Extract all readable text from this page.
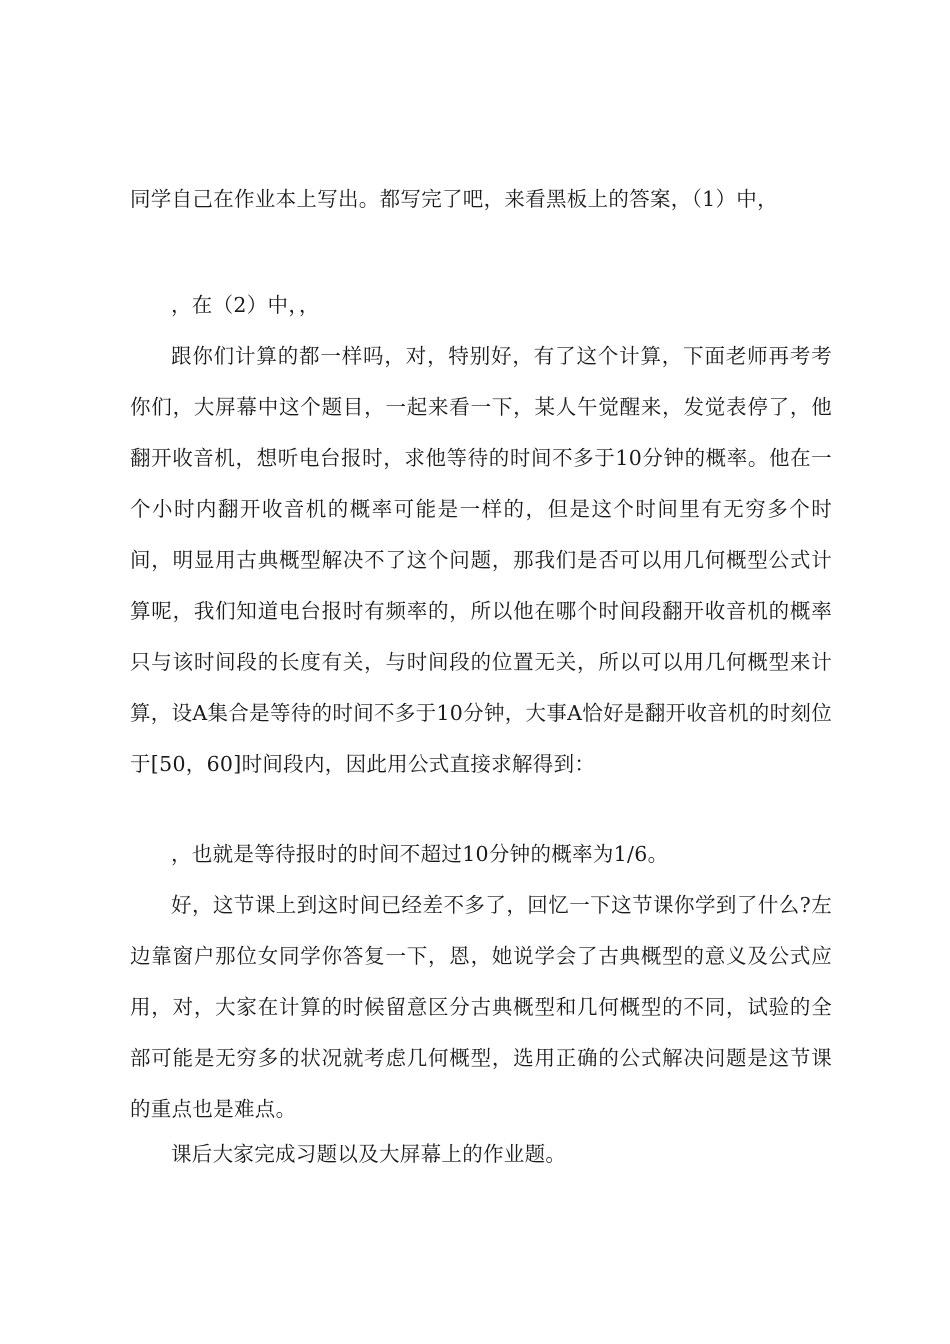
同学自己在作业本上写出。都写完了吧，来看黑板上的答案，（1）中，

，在（2）中，，

跟你们计算的都一样吗，对，特别好，有了这个计算，下面老师再考考你们，大屏幕中这个题目，一起来看一下，某人午觉醒来，发觉表停了，他翻开收音机，想听电台报时，求他等待的时间不多于10分钟的概率。他在一个小时内翻开收音机的概率可能是一样的，但是这个时间里有无穷多个时间，明显用古典概型解决不了这个问题，那我们是否可以用几何概型公式计算呢，我们知道电台报时有频率的，所以他在哪个时间段翻开收音机的概率只与该时间段的长度有关，与时间段的位置无关，所以可以用几何概型来计算，设A集合是等待的时间不多于10分钟，大事A恰好是翻开收音机的时刻位于[50，60]时间段内，因此用公式直接求解得到：

，也就是等待报时的时间不超过10分钟的概率为1/6。

好，这节课上到这时间已经差不多了，回忆一下这节课你学到了什么?左边靠窗户那位女同学你答复一下，恩，她说学会了古典概型的意义及公式应用，对，大家在计算的时候留意区分古典概型和几何概型的不同，试验的全部可能是无穷多的状况就考虑几何概型，选用正确的公式解决问题是这节课的重点也是难点。

课后大家完成习题以及大屏幕上的作业题。
